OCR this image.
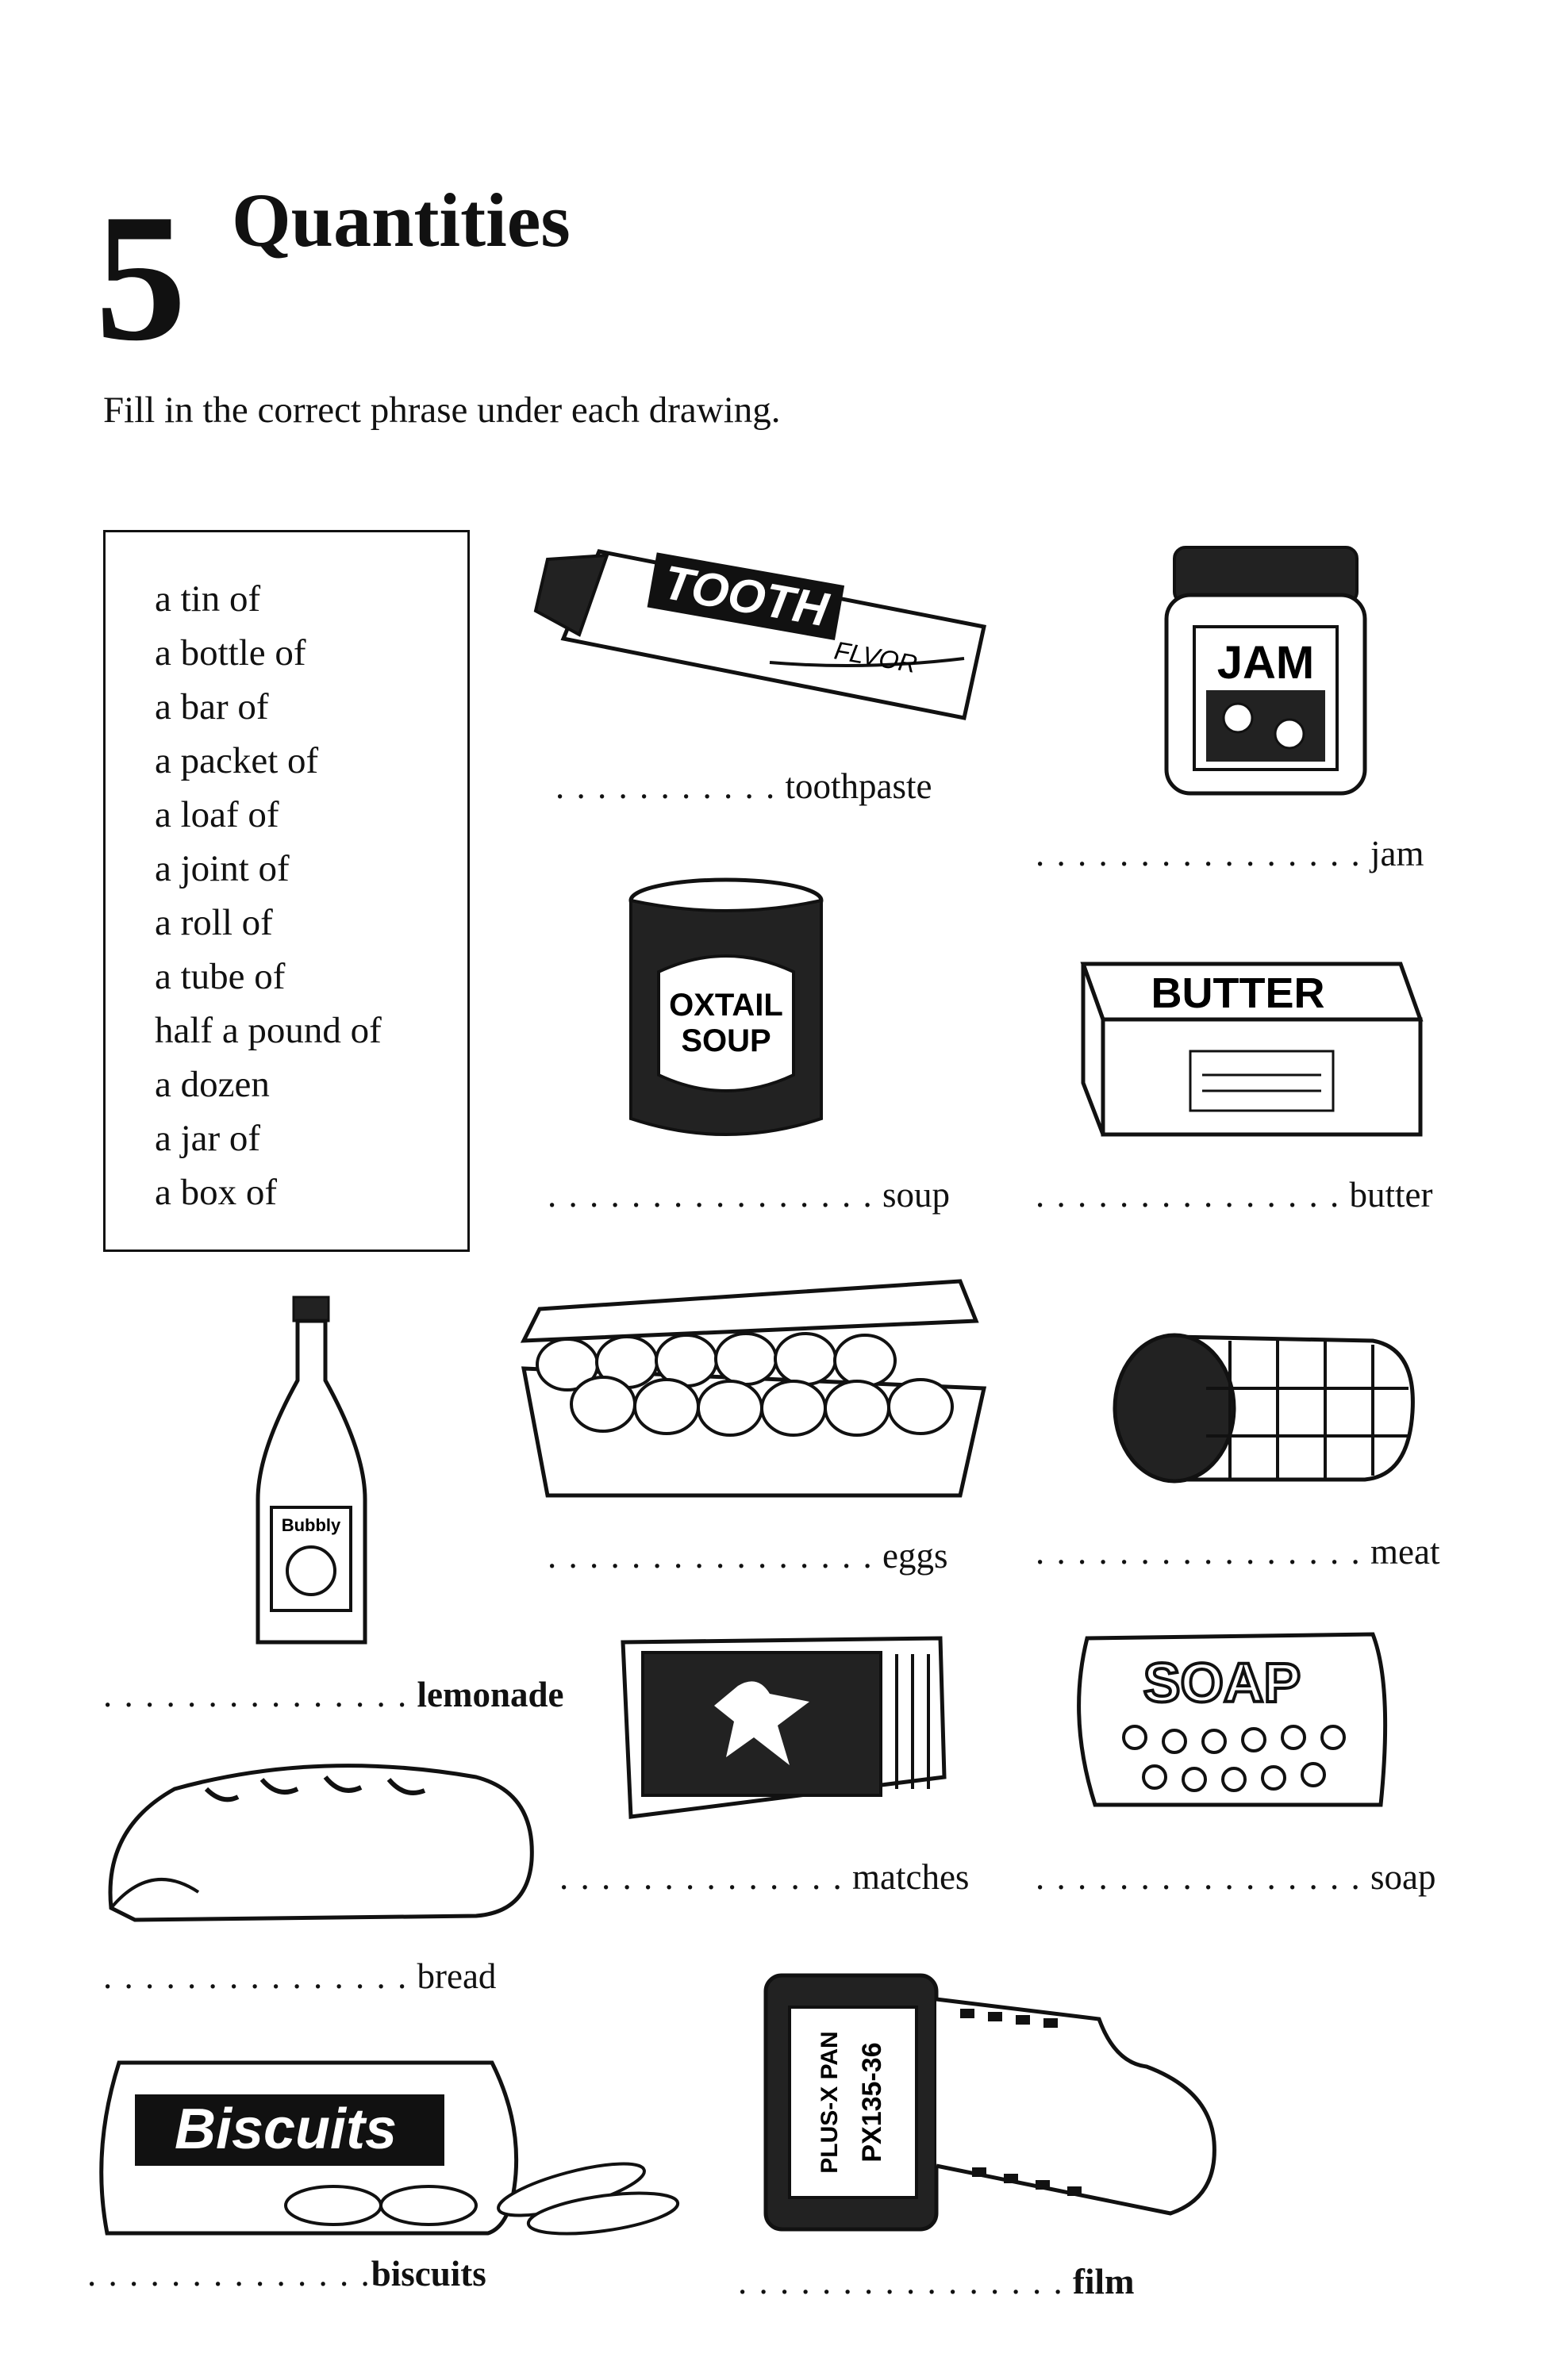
5 Quantities
Fill in the correct phrase under each drawing.
a tin of
a bottle of
a bar of
a packet of
a loaf of
a joint of
a roll of
a tube of
half a pound of
a dozen
a jar of
a box of
TOOTH
FLVOR
. . . . . . . . . . . toothpaste
JAM
. . . . . . . . . . . . . . . . jam
OXTAIL
SOUP
. . . . . . . . . . . . . . . . soup
BUTTER
. . . . . . . . . . . . . . . butter
Bubbly
. . . . . . . . . . . . . . . lemonade
. . . . . . . . . . . . . . . . eggs . . . . . . . . . . . . . . . . meat
. . . . . . . . . . . . . . matches
SOAP
. . . . . . . . . . . . . . . . soap
. . . . . . . . . . . . . . . bread
Biscuits
. . . . . . . . . . . . . .biscuits
PLUS-X PAN PX135-36
. . . . . . . . . . . . . . . . film
